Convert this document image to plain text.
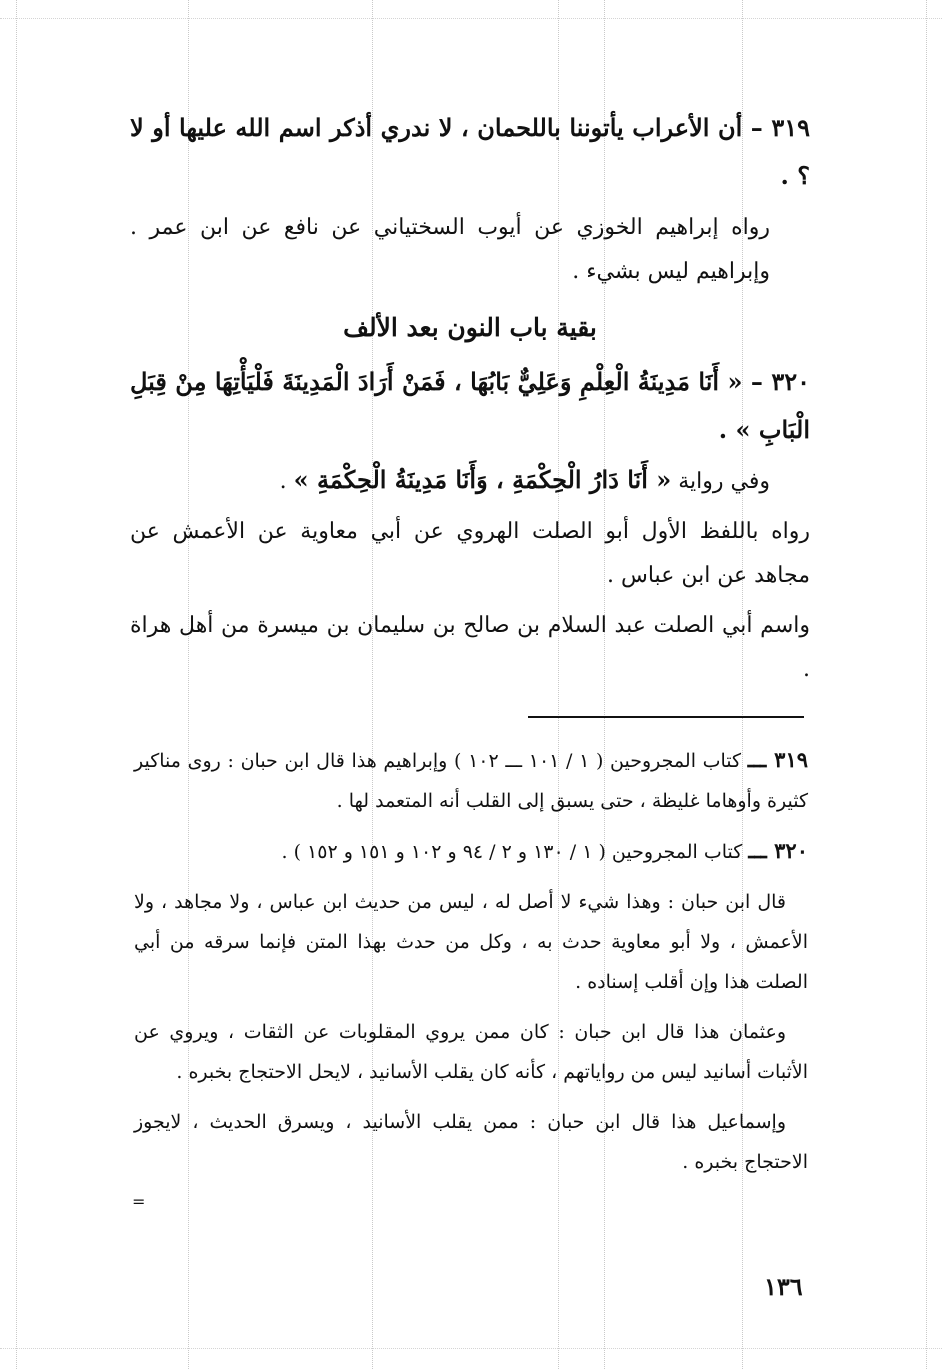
٣١٩ – أن الأعراب يأتوننا باللحمان ، لا ندري أذكر اسم الله عليها أو لا ؟ .
رواه إبراهيم الخوزي عن أيوب السختياني عن نافع عن ابن عمر . وإبراهيم ليس بشيء .
بقية باب النون بعد الألف
٣٢٠ – « أَنَا مَدِينَةُ الْعِلْمِ وَعَلِيٌّ بَابُهَا ، فَمَنْ أَرَادَ الْمَدِينَةَ فَلْيَأْتِهَا مِنْ قِبَلِ الْبَابِ » .
وفي رواية « أَنَا دَارُ الْحِكْمَةِ ، وَأَنَا مَدِينَةُ الْحِكْمَةِ » .
رواه باللفظ الأول أبو الصلت الهروي عن أبي معاوية عن الأعمش عن مجاهد عن ابن عباس .
واسم أبي الصلت عبد السلام بن صالح بن سليمان بن ميسرة من أهل هراة .

٣١٩ ـــ كتاب المجروحين ( ١ / ١٠١ ـــ ١٠٢ ) وإبراهيم هذا قال ابن حبان : روى مناكير كثيرة وأوهاما غليظة ، حتى يسبق إلى القلب أنه المتعمد لها .

٣٢٠ ـــ كتاب المجروحين ( ١ / ١٣٠ و ٢ / ٩٤ و ١٠٢ و ١٥١ و ١٥٢ ) .

قال ابن حبان : وهذا شيء لا أصل له ، ليس من حديث ابن عباس ، ولا مجاهد ، ولا الأعمش ، ولا أبو معاوية حدث به ، وكل من حدث بهذا المتن فإنما سرقه من أبي الصلت هذا وإن أقلب إسناده .

وعثمان هذا قال ابن حبان : كان ممن يروي المقلوبات عن الثقات ، ويروي عن الأثبات أسانيد ليس من رواياتهم ، كأنه كان يقلب الأسانيد ، لايحل الاحتجاج بخبره .

وإسماعيل هذا قال ابن حبان : ممن يقلب الأسانيد ، ويسرق الحديث ، لايجوز الاحتجاج بخبره .

=
١٣٦
